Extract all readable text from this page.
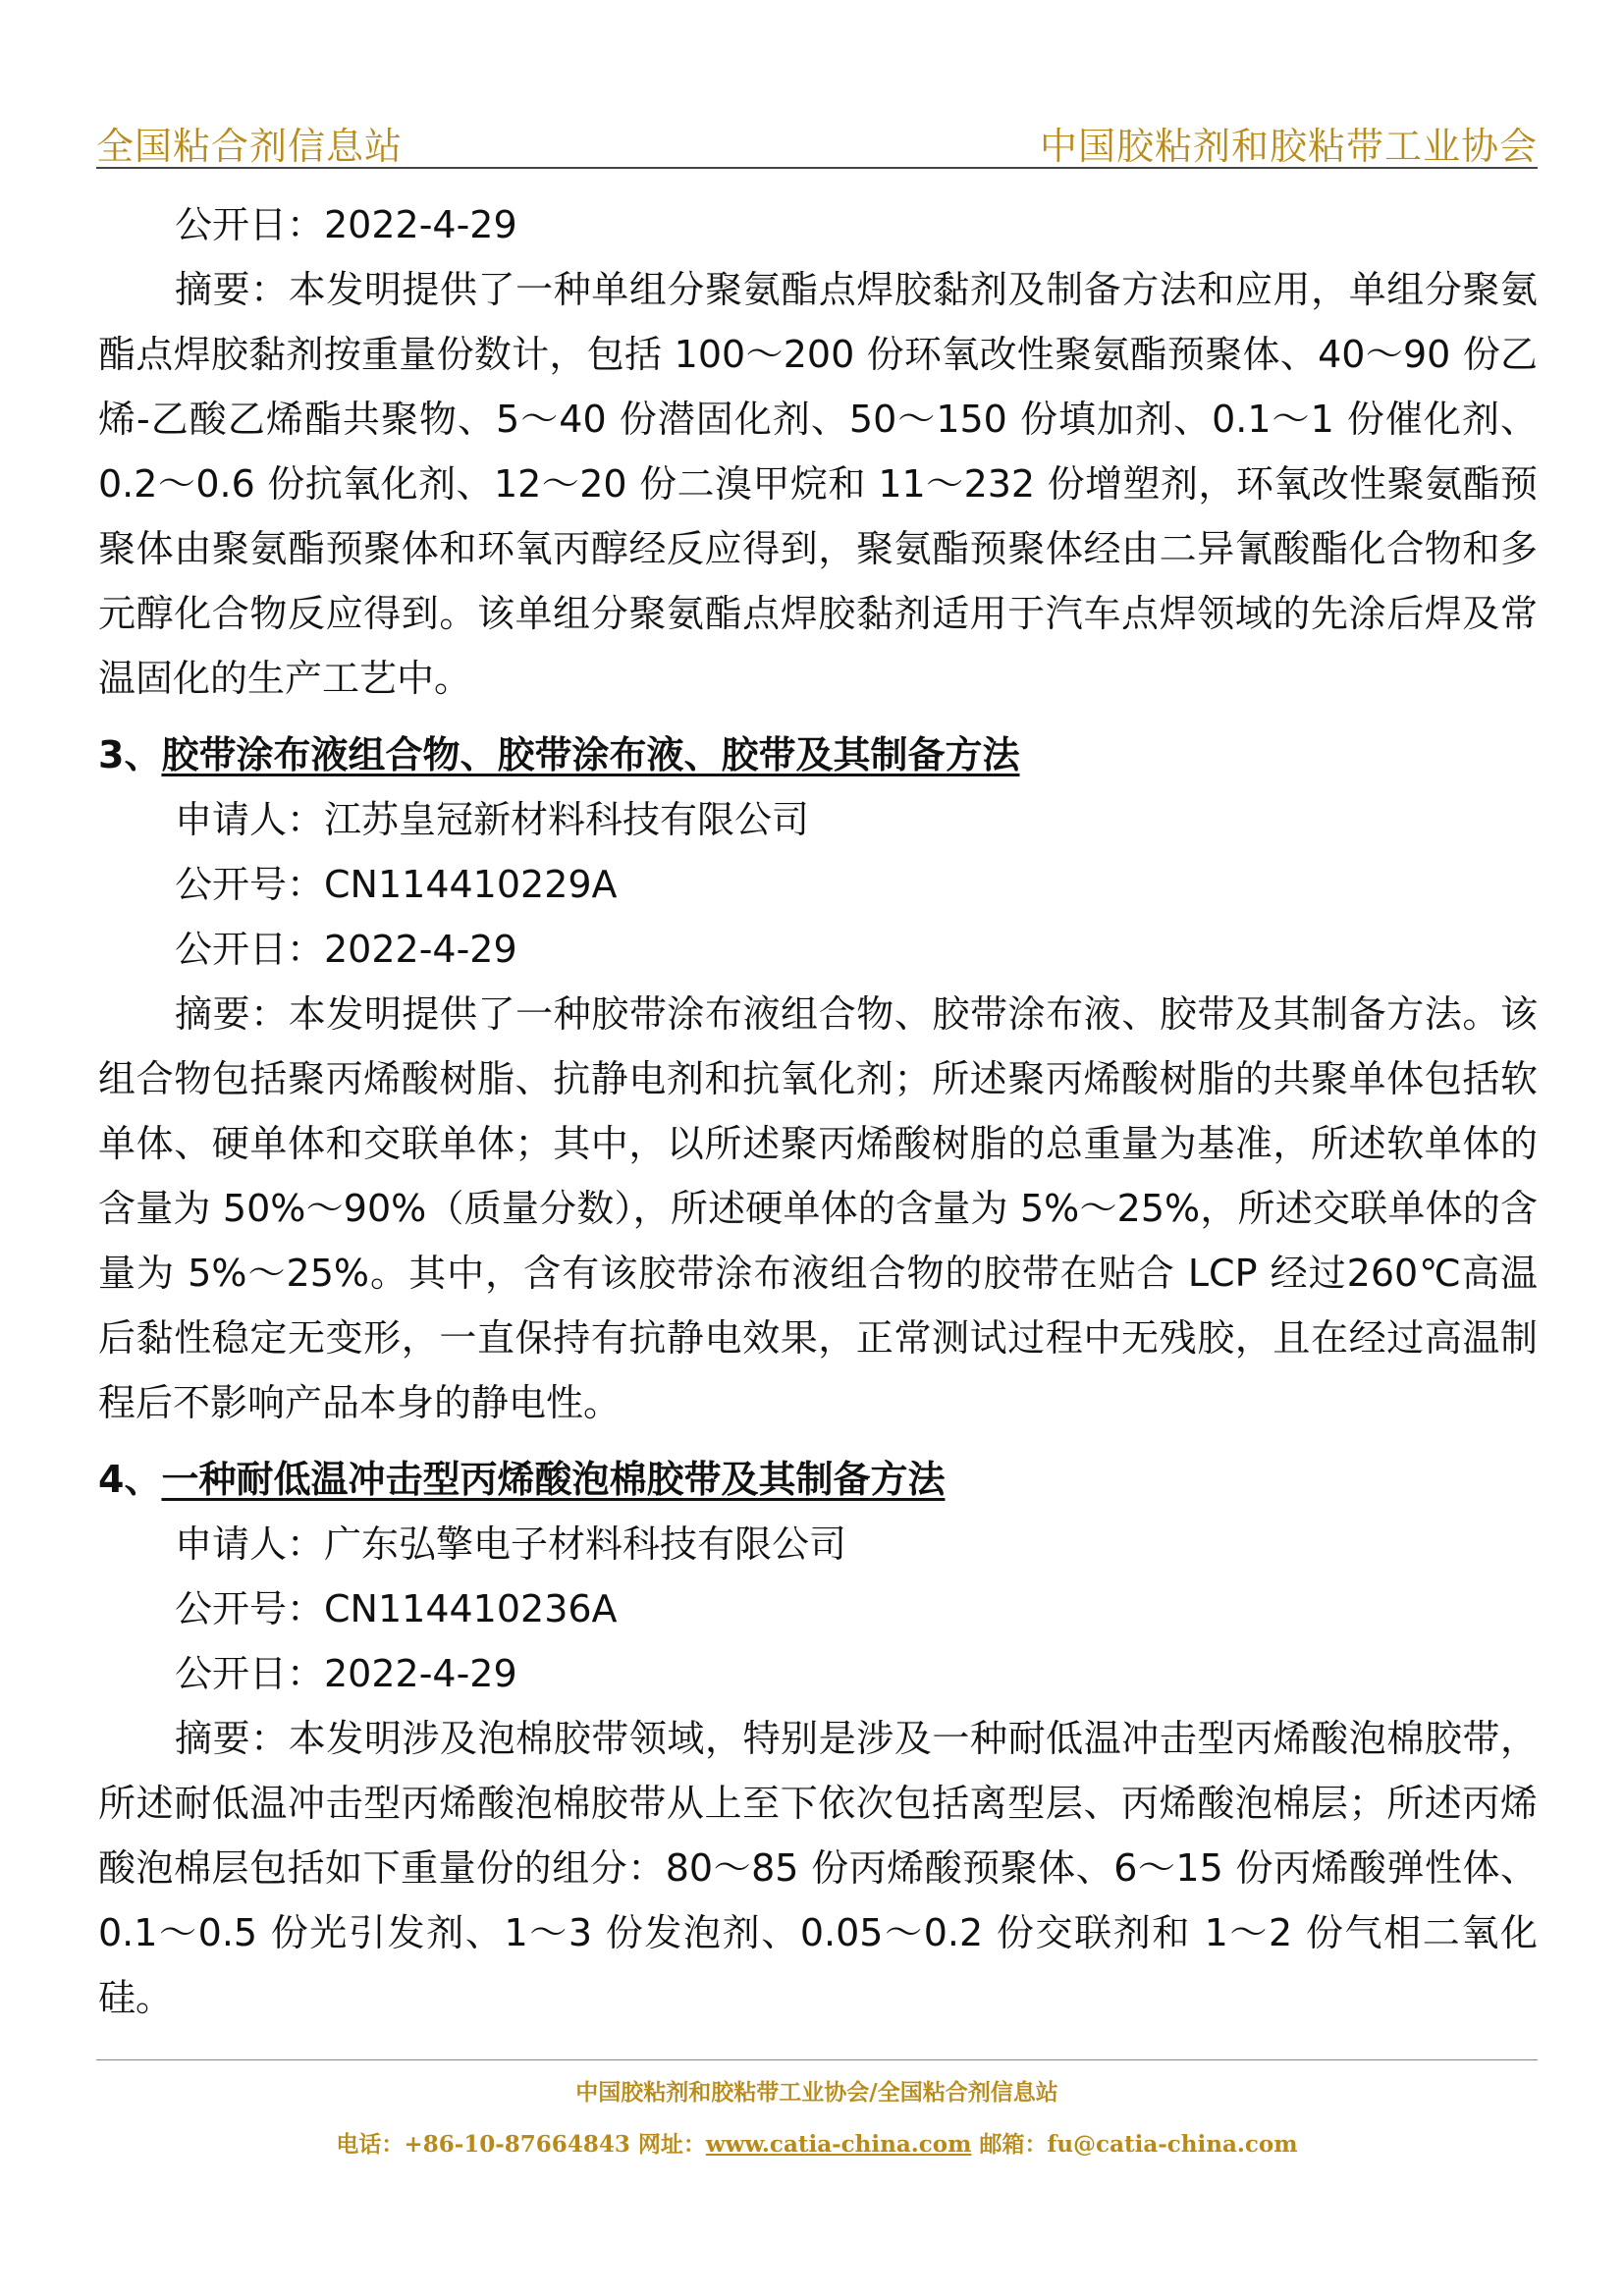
全国粘合剂信息站	中国胶粘剂和胶粘带工业协会
公开日：2022-4-29
摘要：本发明提供了一种单组分聚氨酯点焊胶黏剂及制备方法和应用，单组分聚氨酯点焊胶黏剂按重量份数计，包括 100～200 份环氧改性聚氨酯预聚体、40～90 份乙烯-乙酸乙烯酯共聚物、5～40 份潜固化剂、50～150 份填加剂、0.1～1 份催化剂、0.2～0.6 份抗氧化剂、12～20 份二溴甲烷和 11～232 份增塑剂，环氧改性聚氨酯预聚体由聚氨酯预聚体和环氧丙醇经反应得到，聚氨酯预聚体经由二异氰酸酯化合物和多元醇化合物反应得到。该单组分聚氨酯点焊胶黏剂适用于汽车点焊领域的先涂后焊及常温固化的生产工艺中。
3、胶带涂布液组合物、胶带涂布液、胶带及其制备方法
申请人：江苏皇冠新材料科技有限公司
公开号：CN114410229A
公开日：2022-4-29
摘要：本发明提供了一种胶带涂布液组合物、胶带涂布液、胶带及其制备方法。该组合物包括聚丙烯酸树脂、抗静电剂和抗氧化剂；所述聚丙烯酸树脂的共聚单体包括软单体、硬单体和交联单体；其中，以所述聚丙烯酸树脂的总重量为基准，所述软单体的含量为 50%～90%（质量分数），所述硬单体的含量为 5%～25%，所述交联单体的含量为 5%～25%。其中，含有该胶带涂布液组合物的胶带在贴合 LCP 经过260℃高温后黏性稳定无变形，一直保持有抗静电效果，正常测试过程中无残胶，且在经过高温制程后不影响产品本身的静电性。
4、一种耐低温冲击型丙烯酸泡棉胶带及其制备方法
申请人：广东弘擎电子材料科技有限公司
公开号：CN114410236A
公开日：2022-4-29
摘要：本发明涉及泡棉胶带领域，特别是涉及一种耐低温冲击型丙烯酸泡棉胶带，所述耐低温冲击型丙烯酸泡棉胶带从上至下依次包括离型层、丙烯酸泡棉层；所述丙烯酸泡棉层包括如下重量份的组分：80～85 份丙烯酸预聚体、6～15 份丙烯酸弹性体、0.1～0.5 份光引发剂、1～3 份发泡剂、0.05～0.2 份交联剂和 1～2 份气相二氧化硅。
中国胶粘剂和胶粘带工业协会/全国粘合剂信息站
电话：+86-10-87664843 网址：www.catia-china.com 邮箱：fu@catia-china.com
